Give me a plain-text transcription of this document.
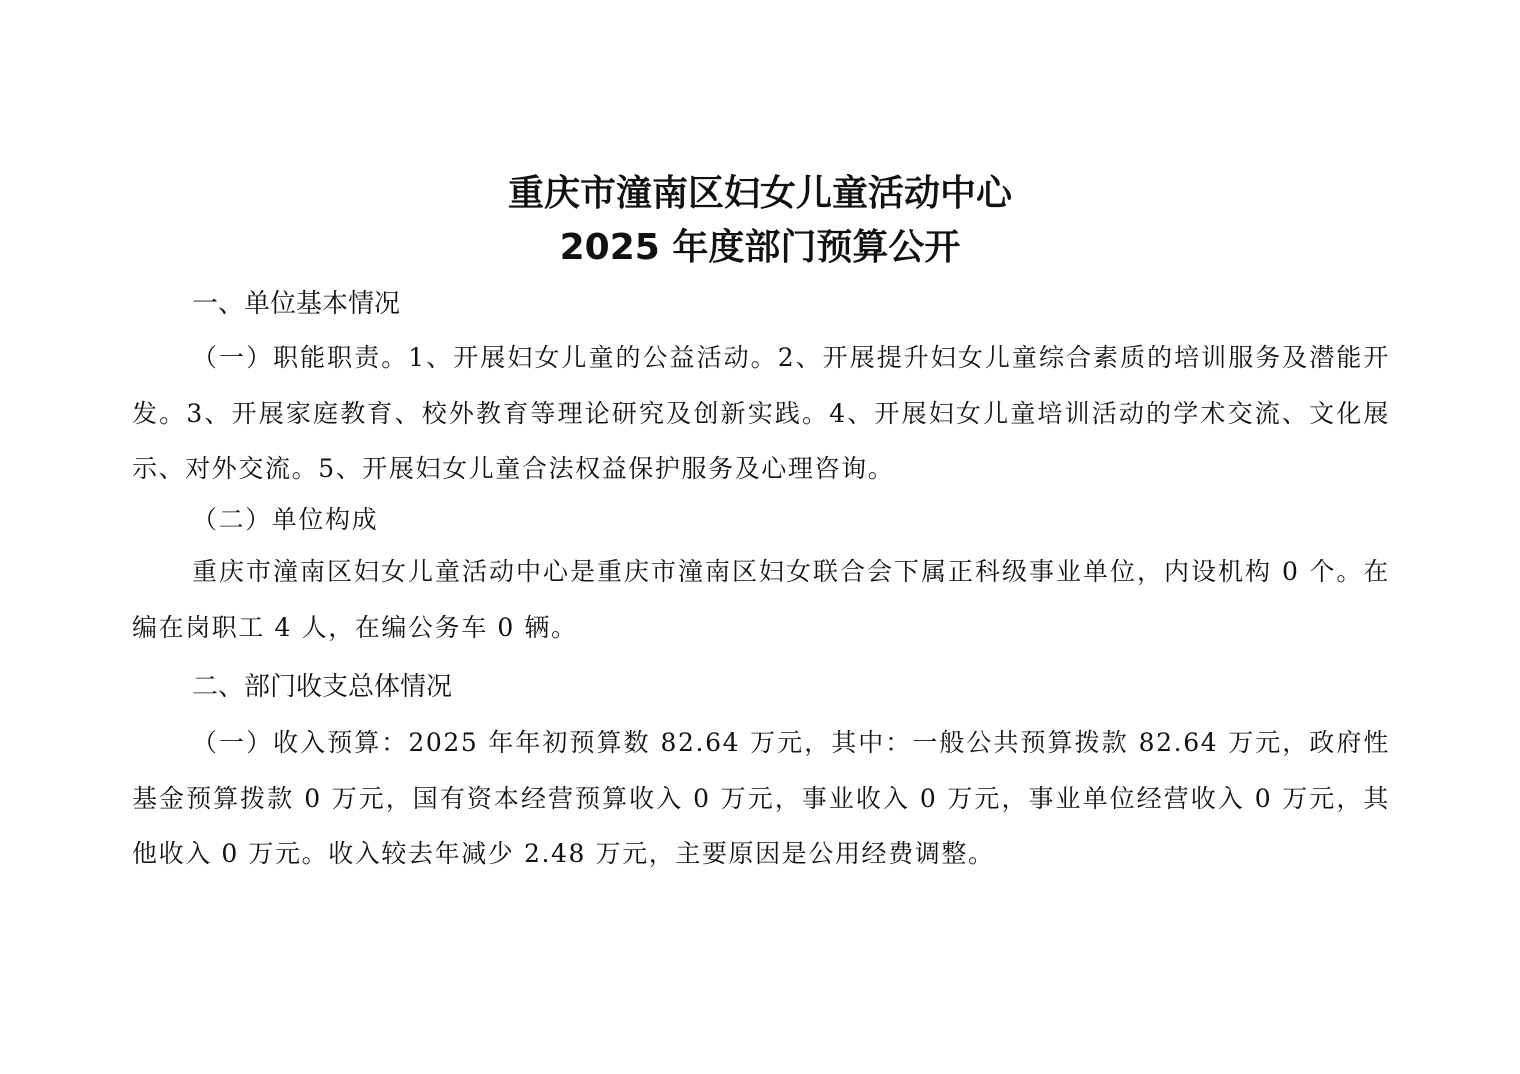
重庆市潼南区妇女儿童活动中心
2025 年度部门预算公开
一、单位基本情况

（一）职能职责。1、开展妇女儿童的公益活动。2、开展提升妇女儿童综合素质的培训服务及潜能开发。3、开展家庭教育、校外教育等理论研究及创新实践。4、开展妇女儿童培训活动的学术交流、文化展示、对外交流。5、开展妇女儿童合法权益保护服务及心理咨询。

（二）单位构成

重庆市潼南区妇女儿童活动中心是重庆市潼南区妇女联合会下属正科级事业单位，内设机构 0 个。在编在岗职工 4 人，在编公务车 0 辆。

二、部门收支总体情况

（一）收入预算：2025 年年初预算数 82.64 万元，其中：一般公共预算拨款 82.64 万元，政府性基金预算拨款 0 万元，国有资本经营预算收入 0 万元，事业收入 0 万元，事业单位经营收入 0 万元，其他收入 0 万元。收入较去年减少 2.48 万元，主要原因是公用经费调整。
